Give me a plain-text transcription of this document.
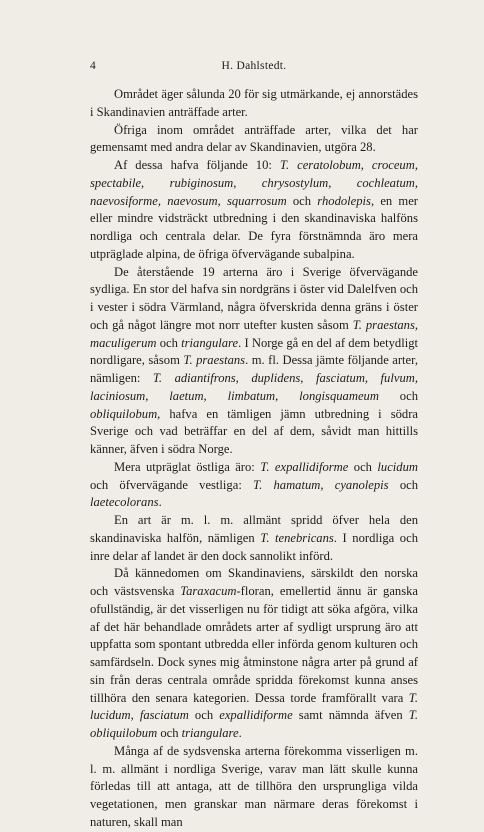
4	H. Dahlstedt.

Området äger sålunda 20 för sig utmärkande, ej annorstädes i Skandinavien anträffade arter.

Öfriga inom området anträffade arter, vilka det har gemensamt med andra delar av Skandinavien, utgöra 28.

Af dessa hafva följande 10: T. ceratolobum, croceum, spectabile, rubiginosum, chrysostylum, cochleatum, naevosiforme, naevosum, squarrosum och rhodolepis, en mer eller mindre vidsträckt utbredning i den skandinaviska halföns nordliga och centrala delar. De fyra förstnämnda äro mera utpräglade alpina, de öfriga öfvervägande subalpina.

De återstående 19 arterna äro i Sverige öfvervägande sydliga. En stor del hafva sin nordgräns i öster vid Dalelfven och i vester i södra Värmland, några öfverskrida denna gräns i öster och gå något längre mot norr utefter kusten såsom T. praestans, maculigerum och triangulare. I Norge gå en del af dem betydligt nordligare, såsom T. praestans. m. fl. Dessa jämte följande arter, nämligen: T. adiantifrons, duplidens, fasciatum, fulvum, laciniosum, laetum, limbatum, longisquameum och obliquilobum, hafva en tämligen jämn utbredning i södra Sverige och vad beträffar en del af dem, såvidt man hittills känner, äfven i södra Norge.

Mera utpräglat östliga äro: T. expallidiforme och lucidum och öfvervägande vestliga: T. hamatum, cyanolepis och laetecolorans.

En art är m. l. m. allmänt spridd öfver hela den skandinaviska halfön, nämligen T. tenebricans. I nordliga och inre delar af landet är den dock sannolikt införd.

Då kännedomen om Skandinaviens, särskildt den norska och västsvenska Taraxacum-floran, emellertid ännu är ganska ofullständig, är det visserligen nu för tidigt att söka afgöra, vilka af det här behandlade områdets arter af sydligt ursprung äro att uppfatta som spontant utbredda eller införda genom kulturen och samfärdseln. Dock synes mig åtminstone några arter på grund af sin från deras centrala område spridda förekomst kunna anses tillhöra den senara kategorien. Dessa torde framförallt vara T. lucidum, fasciatum och expallidiforme samt nämnda äfven T. obliquilobum och triangulare.

Många af de sydsvenska arterna förekomma visserligen m. l. m. allmänt i nordliga Sverige, varav man lätt skulle kunna förledas till att antaga, att de tillhöra den ursprungliga vilda vegetationen, men granskar man närmare deras förekomst i naturen, skall man
